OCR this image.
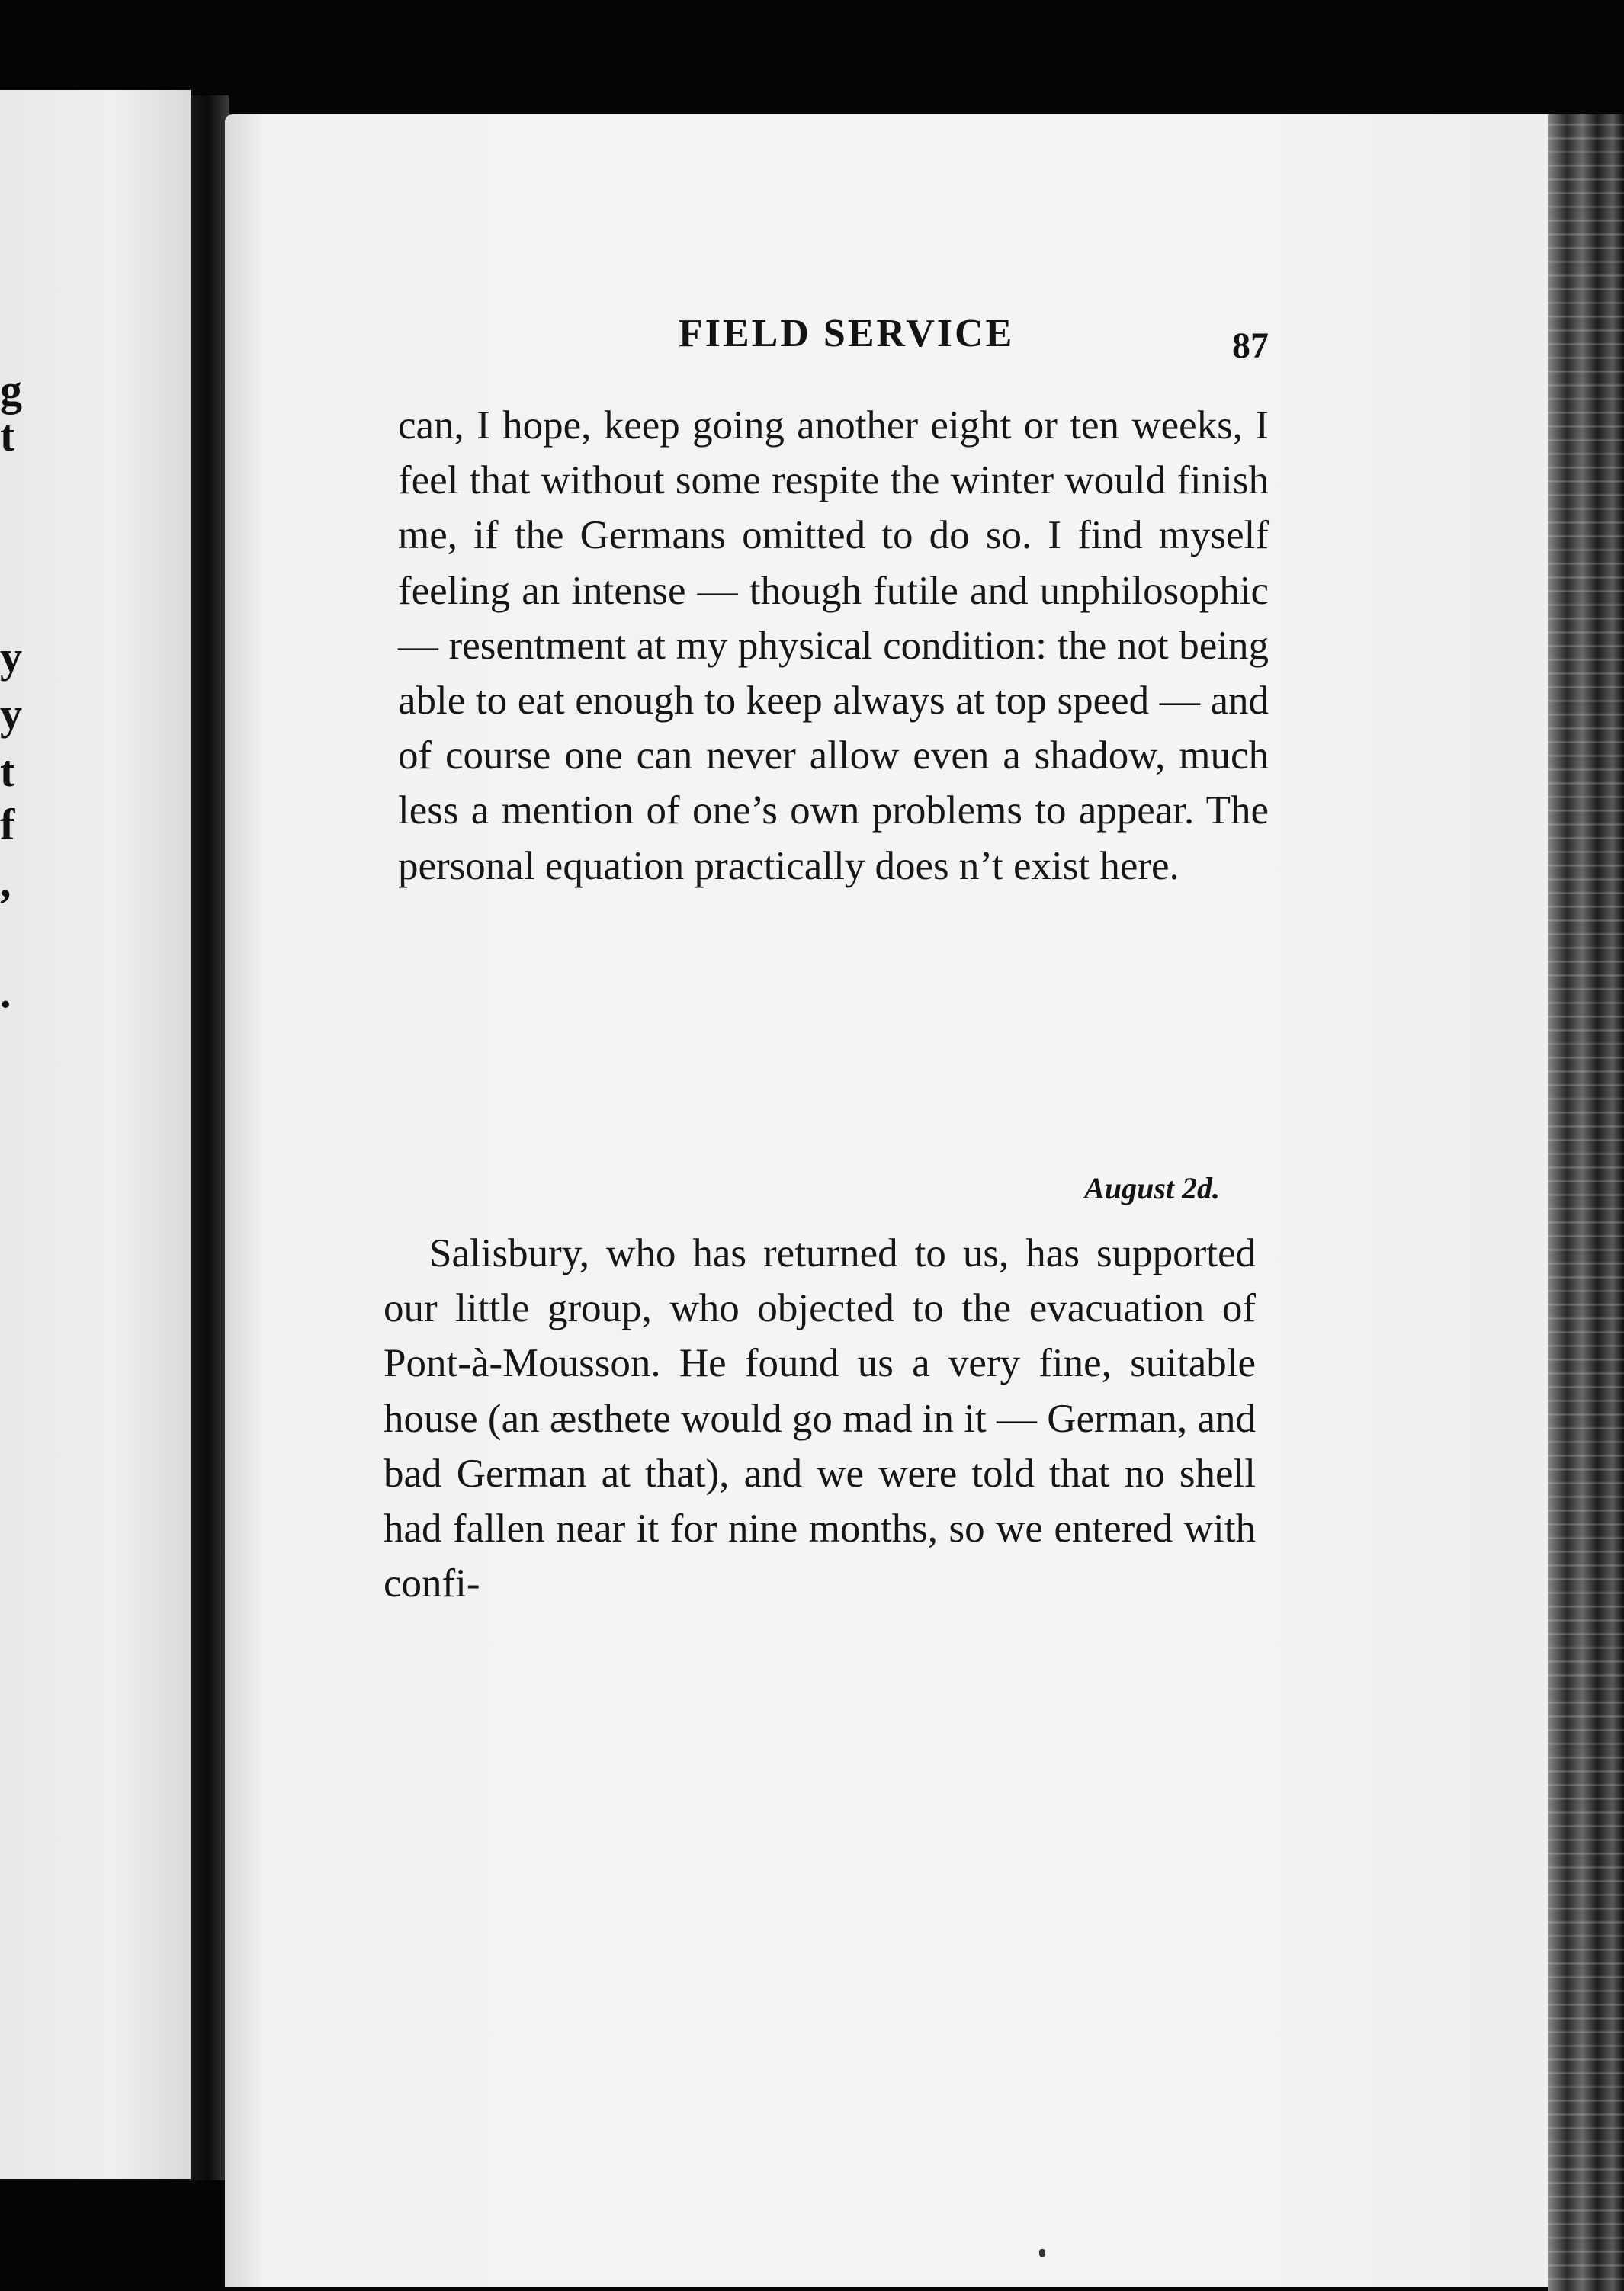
g
t
y
y
t
f
,
.
FIELD SERVICE	87

can, I hope, keep going another eight or ten weeks, I feel that without some respite the winter would finish me, if the Germans omitted to do so. I find myself feeling an intense — though futile and unphilosophic — resentment at my physical condition: the not being able to eat enough to keep always at top speed — and of course one can never allow even a shadow, much less a mention of one’s own problems to appear. The personal equation practically does n’t exist here.

August 2d.

Salisbury, who has returned to us, has supported our little group, who objected to the evacuation of Pont-à-Mousson. He found us a very fine, suitable house (an æsthete would go mad in it — German, and bad German at that), and we were told that no shell had fallen near it for nine months, so we entered with confi-
